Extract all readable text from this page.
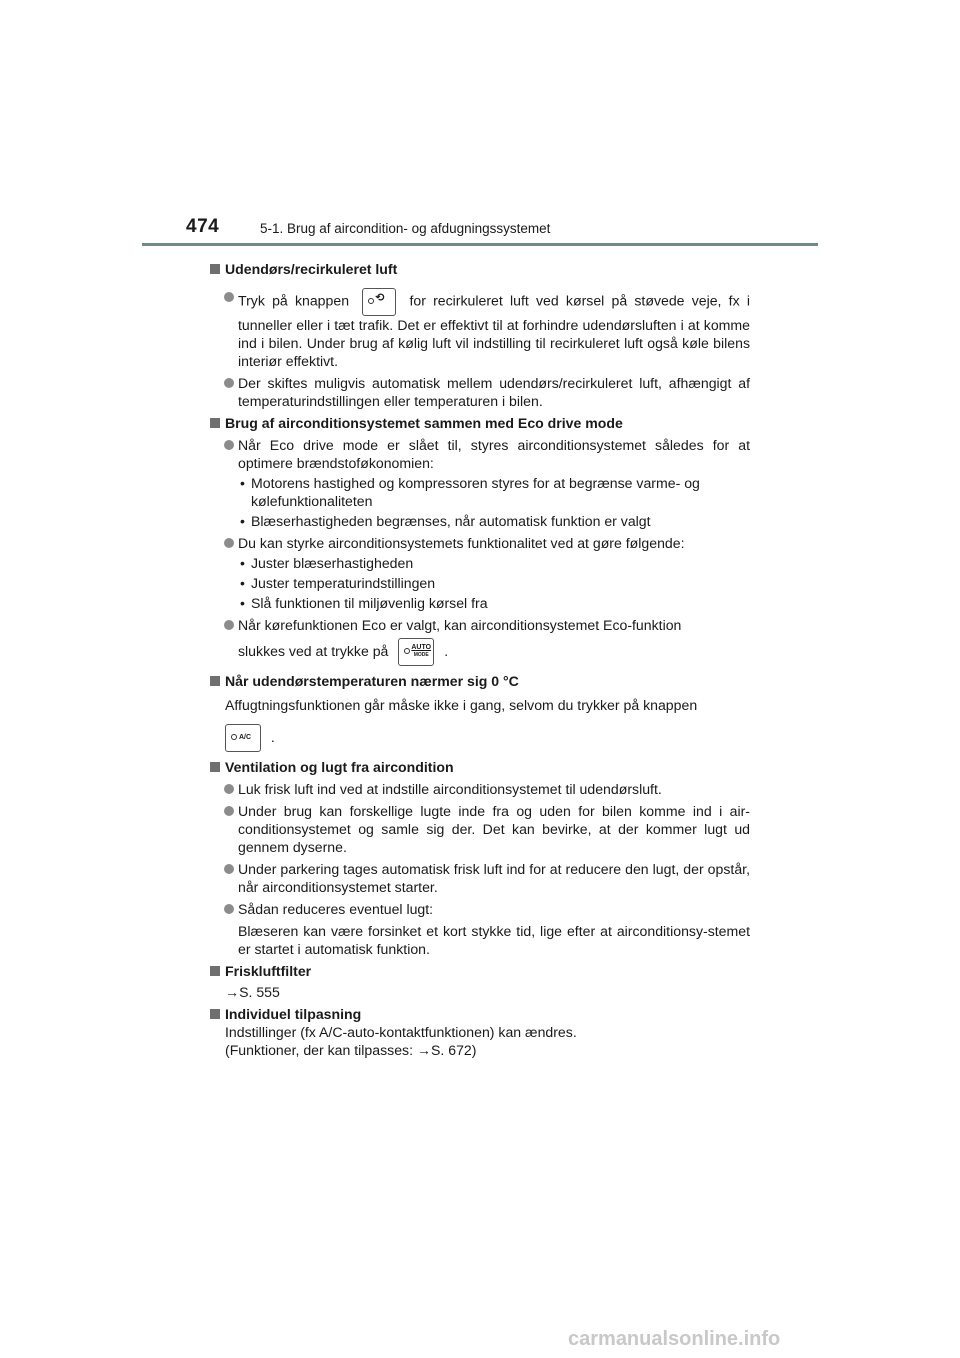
474	5-1. Brug af aircondition- og afdugningssystemet
Udendørs/recirkuleret luft
Tryk på knappen ⟲ for recirkuleret luft ved kørsel på støvede veje, fx i tunneller eller i tæt trafik. Det er effektivt til at forhindre udendørsluften i at komme ind i bilen. Under brug af kølig luft vil indstilling til recirkuleret luft også køle bilens interiør effektivt.
Der skiftes muligvis automatisk mellem udendørs/recirkuleret luft, afhængigt af temperaturindstillingen eller temperaturen i bilen.
Brug af airconditionsystemet sammen med Eco drive mode
Når Eco drive mode er slået til, styres airconditionsystemet således for at optimere brændstoføkonomien:
• Motorens hastighed og kompressoren styres for at begrænse varme- og kølefunktionaliteten
• Blæserhastigheden begrænses, når automatisk funktion er valgt
Du kan styrke airconditionsystemets funktionalitet ved at gøre følgende:
• Juster blæserhastigheden
• Juster temperaturindstillingen
• Slå funktionen til miljøvenlig kørsel fra
Når kørefunktionen Eco er valgt, kan airconditionsystemet Eco-funktion
slukkes ved at trykke på	AUTO
MODE .
Når udendørstemperaturen nærmer sig 0 °C
Affugtningsfunktionen går måske ikke i gang, selvom du trykker på knappen
A/C .
Ventilation og lugt fra aircondition
Luk frisk luft ind ved at indstille airconditionsystemet til udendørsluft.
Under brug kan forskellige lugte inde fra og uden for bilen komme ind i air-conditionsystemet og samle sig der. Det kan bevirke, at der kommer lugt ud gennem dyserne.
Under parkering tages automatisk frisk luft ind for at reducere den lugt, der opstår, når airconditionsystemet starter.
Sådan reduceres eventuel lugt:
Blæseren kan være forsinket et kort stykke tid, lige efter at airconditionsy-stemet er startet i automatisk funktion.
Friskluftfilter
→S. 555
Individuel tilpasning
Indstillinger (fx A/C-auto-kontaktfunktionen) kan ændres.
(Funktioner, der kan tilpasses: →S. 672)
carmanualsonline.info
